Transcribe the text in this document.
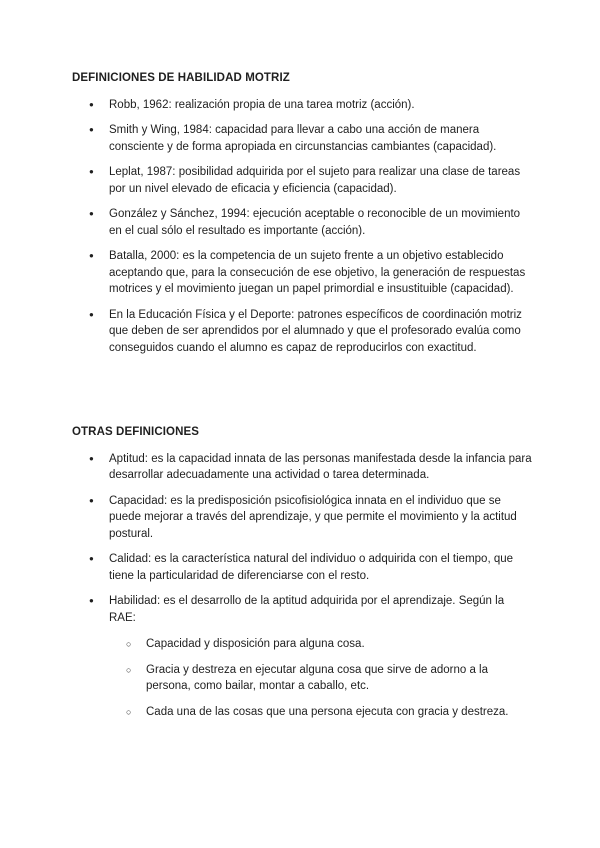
DEFINICIONES DE HABILIDAD MOTRIZ
● Robb, 1962: realización propia de una tarea motriz (acción).
● Smith y Wing, 1984: capacidad para llevar a cabo una acción de manera consciente y de forma apropiada en circunstancias cambiantes (capacidad).
● Leplat, 1987: posibilidad adquirida por el sujeto para realizar una clase de tareas por un nivel elevado de eficacia y eficiencia (capacidad).
● González y Sánchez, 1994: ejecución aceptable o reconocible de un movimiento en el cual sólo el resultado es importante (acción).
● Batalla, 2000: es la competencia de un sujeto frente a un objetivo establecido aceptando que, para la consecución de ese objetivo, la generación de respuestas motrices y el movimiento juegan un papel primordial e insustituible (capacidad).
● En la Educación Física y el Deporte: patrones específicos de coordinación motriz que deben de ser aprendidos por el alumnado y que el profesorado evalúa como conseguidos cuando el alumno es capaz de reproducirlos con exactitud.
OTRAS DEFINICIONES
● Aptitud: es la capacidad innata de las personas manifestada desde la infancia para desarrollar adecuadamente una actividad o tarea determinada.
● Capacidad: es la predisposición psicofisiológica innata en el individuo que se puede mejorar a través del aprendizaje, y que permite el movimiento y la actitud postural.
● Calidad: es la característica natural del individuo o adquirida con el tiempo, que tiene la particularidad de diferenciarse con el resto.
● Habilidad: es el desarrollo de la aptitud adquirida por el aprendizaje. Según la RAE:
○ Capacidad y disposición para alguna cosa.
○ Gracia y destreza en ejecutar alguna cosa que sirve de adorno a la persona, como bailar, montar a caballo, etc.
○ Cada una de las cosas que una persona ejecuta con gracia y destreza.
